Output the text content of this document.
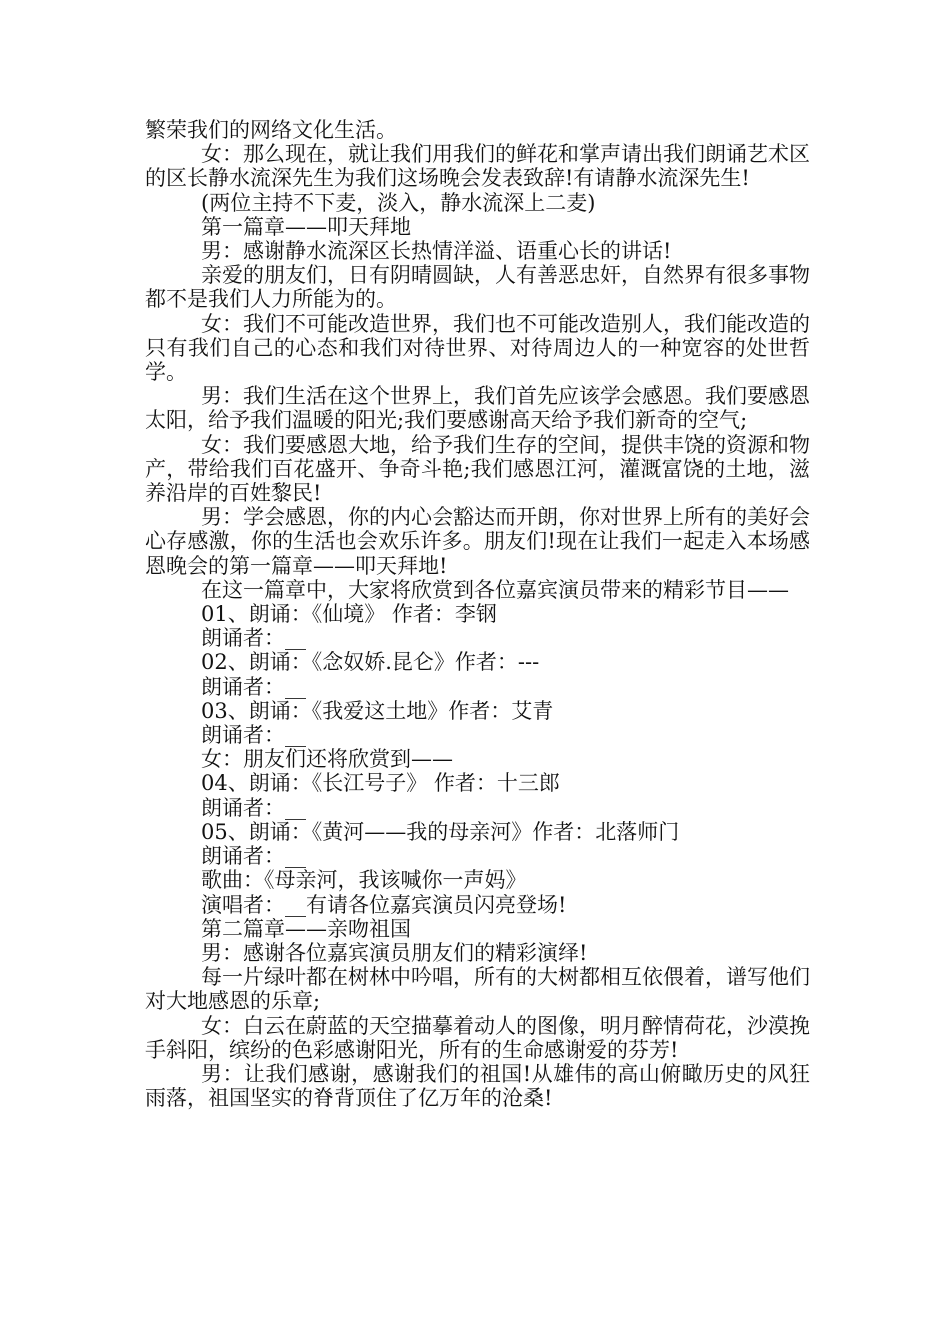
繁荣我们的网络文化生活。

女：那么现在，就让我们用我们的鲜花和掌声请出我们朗诵艺术区的区长静水流深先生为我们这场晚会发表致辞!有请静水流深先生!

(两位主持不下麦，淡入，静水流深上二麦)

第一篇章——叩天拜地

男：感谢静水流深区长热情洋溢、语重心长的讲话!

亲爱的朋友们，日有阴晴圆缺，人有善恶忠奸，自然界有很多事物都不是我们人力所能为的。

女：我们不可能改造世界，我们也不可能改造别人，我们能改造的只有我们自己的心态和我们对待世界、对待周边人的一种宽容的处世哲学。

男：我们生活在这个世界上，我们首先应该学会感恩。我们要感恩太阳，给予我们温暖的阳光;我们要感谢高天给予我们新奇的空气;

女：我们要感恩大地，给予我们生存的空间，提供丰饶的资源和物产，带给我们百花盛开、争奇斗艳;我们感恩江河，灌溉富饶的土地，滋养沿岸的百姓黎民!

男：学会感恩，你的内心会豁达而开朗，你对世界上所有的美好会心存感激，你的生活也会欢乐许多。朋友们!现在让我们一起走入本场感恩晚会的第一篇章——叩天拜地!

在这一篇章中，大家将欣赏到各位嘉宾演员带来的精彩节目——

01、朗诵：《仙境》 作者：李钢

朗诵者：__

02、朗诵：《念奴娇.昆仑》作者：---

朗诵者：__

03、朗诵：《我爱这土地》作者：艾青

朗诵者：__

女：朋友们还将欣赏到——

04、朗诵：《长江号子》 作者：十三郎

朗诵者：__

05、朗诵：《黄河——我的母亲河》作者：北落师门

朗诵者：__

歌曲：《母亲河，我该喊你一声妈》

演唱者：__有请各位嘉宾演员闪亮登场!

第二篇章——亲吻祖国

男：感谢各位嘉宾演员朋友们的精彩演绎!

每一片绿叶都在树林中吟唱，所有的大树都相互依偎着，谱写他们对大地感恩的乐章;

女：白云在蔚蓝的天空描摹着动人的图像，明月醉情荷花，沙漠挽手斜阳，缤纷的色彩感谢阳光，所有的生命感谢爱的芬芳!

男：让我们感谢，感谢我们的祖国!从雄伟的高山俯瞰历史的风狂雨落，祖国坚实的脊背顶住了亿万年的沧桑!
